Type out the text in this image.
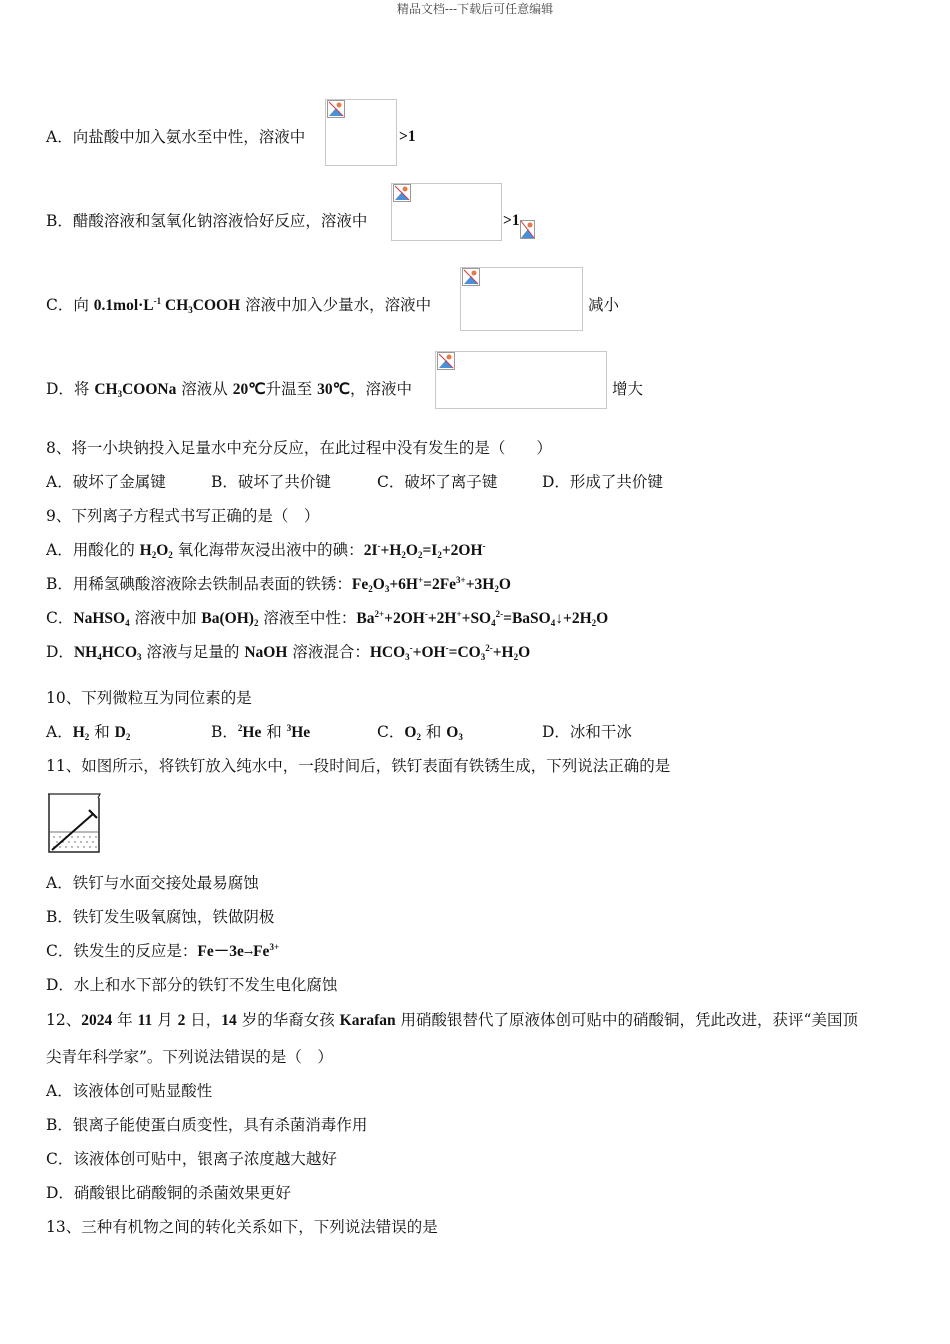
精品文档---下载后可任意编辑
A．向盐酸中加入氨水至中性，溶液中	>1
B．醋酸溶液和氢氧化钠溶液恰好反应，溶液中	>1
C．向 $0.1mol\cdot L^{-1}$ $CH_3COOH$ 溶液中加入少量水，溶液中	减小
D．将 $CH_3COONa$ 溶液从 20℃升温至 30℃，溶液中	增大
8、将一小块钠投入足量水中充分反应，在此过程中没有发生的是（　　）
A．破坏了金属键	B．破坏了共价键	C．破坏了离子键	D．形成了共价键
9、下列离子方程式书写正确的是（　）
A．用酸化的 $H_2O_2$ 氧化海带灰浸出液中的碘：$2I^-+H_2O_2=I_2+2OH^-$
B．用稀氢碘酸溶液除去铁制品表面的铁锈：$Fe_2O_3+6H^+=2Fe^{3+}+3H_2O$
C．NaHSO$_4$ 溶液中加 $Ba(OH)_2$ 溶液至中性：$Ba^{2+}+2OH^-+2H^++SO_4^{2-}=BaSO_4↓+2H_2O$
D．$NH_4HCO_3$ 溶液与足量的 NaOH 溶液混合：$HCO_3^-+OH^-=CO_3^{2-}+H_2O$
10、下列微粒互为同位素的是
A．$H_2$ 和 $D_2$	B．$^2$He 和 $^3$He	C．$O_2$ 和 $O_3$	D．冰和干冰
11、如图所示，将铁钉放入纯水中，一段时间后，铁钉表面有铁锈生成，下列说法正确的是
A．铁钉与水面交接处最易腐蚀
B．铁钉发生吸氧腐蚀，铁做阴极
C．铁发生的反应是：$Fe-3e\to Fe^{3+}$
D．水上和水下部分的铁钉不发生电化腐蚀
12、2024 年 11 月 2 日，14 岁的华裔女孩 Karafan 用硝酸银替代了原液体创可贴中的硝酸铜，凭此改进，获评“美国顶
尖青年科学家”。下列说法错误的是（　）
A．该液体创可贴显酸性
B．银离子能使蛋白质变性，具有杀菌消毒作用
C．该液体创可贴中，银离子浓度越大越好
D．硝酸银比硝酸铜的杀菌效果更好
13、三种有机物之间的转化关系如下，下列说法错误的是
